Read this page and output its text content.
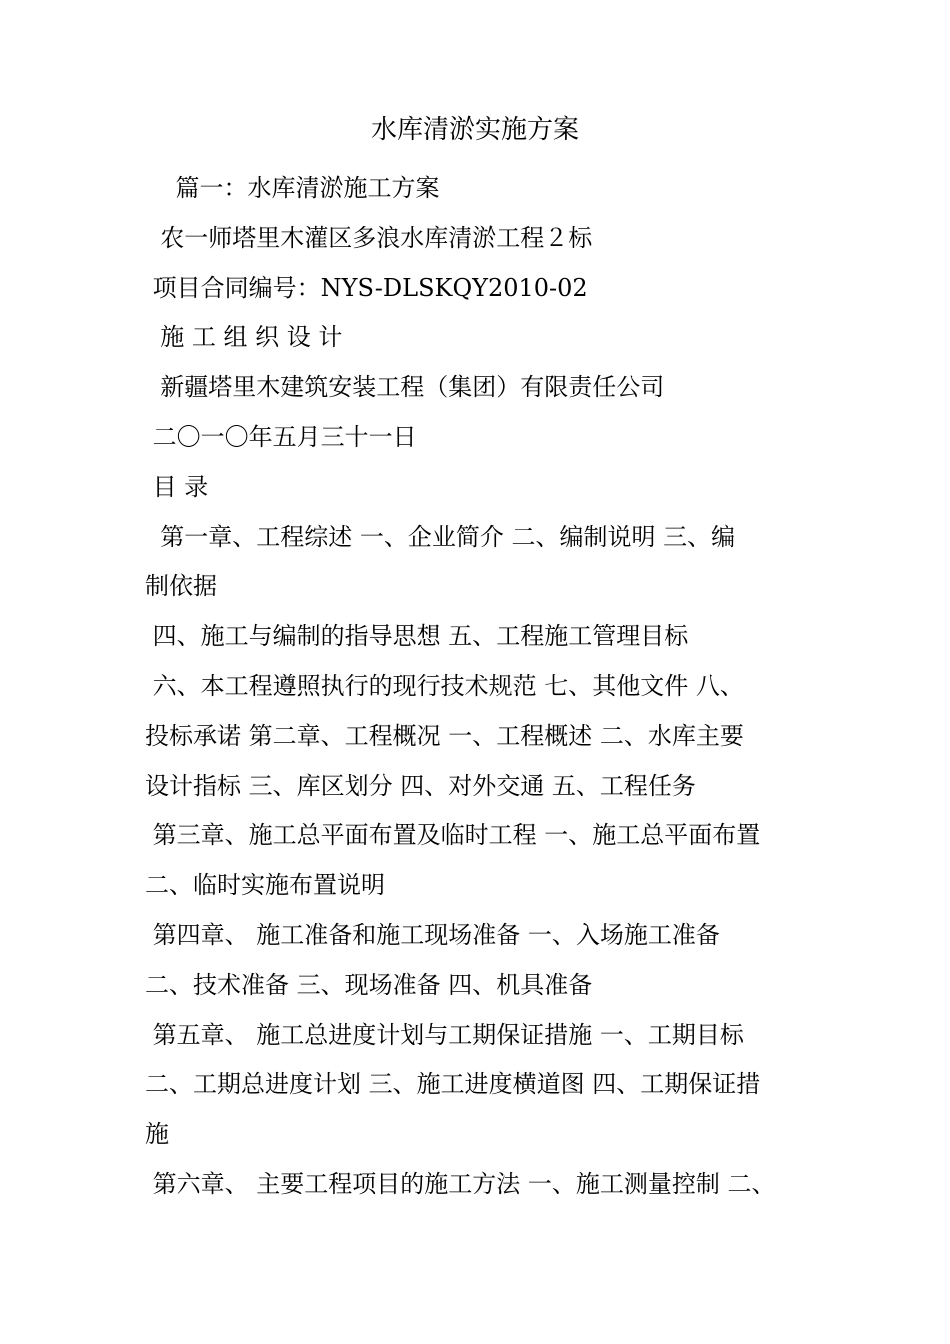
水库清淤实施方案
篇一：水库清淤施工方案
农一师塔里木灌区多浪水库清淤工程２标
项目合同编号：NYS-DLSKQY2010-02
施 工 组 织 设 计
新疆塔里木建筑安装工程（集团）有限责任公司
二〇一〇年五月三十一日
目 录
第一章、工程综述 一、企业简介 二、编制说明 三、编
制依据
四、施工与编制的指导思想 五、工程施工管理目标
六、本工程遵照执行的现行技术规范 七、其他文件 八、
投标承诺 第二章、工程概况 一、工程概述 二、水库主要
设计指标 三、库区划分 四、对外交通 五、工程任务
第三章、施工总平面布置及临时工程 一、施工总平面布置
二、临时实施布置说明
第四章、 施工准备和施工现场准备 一、入场施工准备
二、技术准备 三、现场准备 四、机具准备
第五章、 施工总进度计划与工期保证措施 一、工期目标
二、工期总进度计划 三、施工进度横道图 四、工期保证措
施
第六章、 主要工程项目的施工方法 一、施工测量控制 二、
